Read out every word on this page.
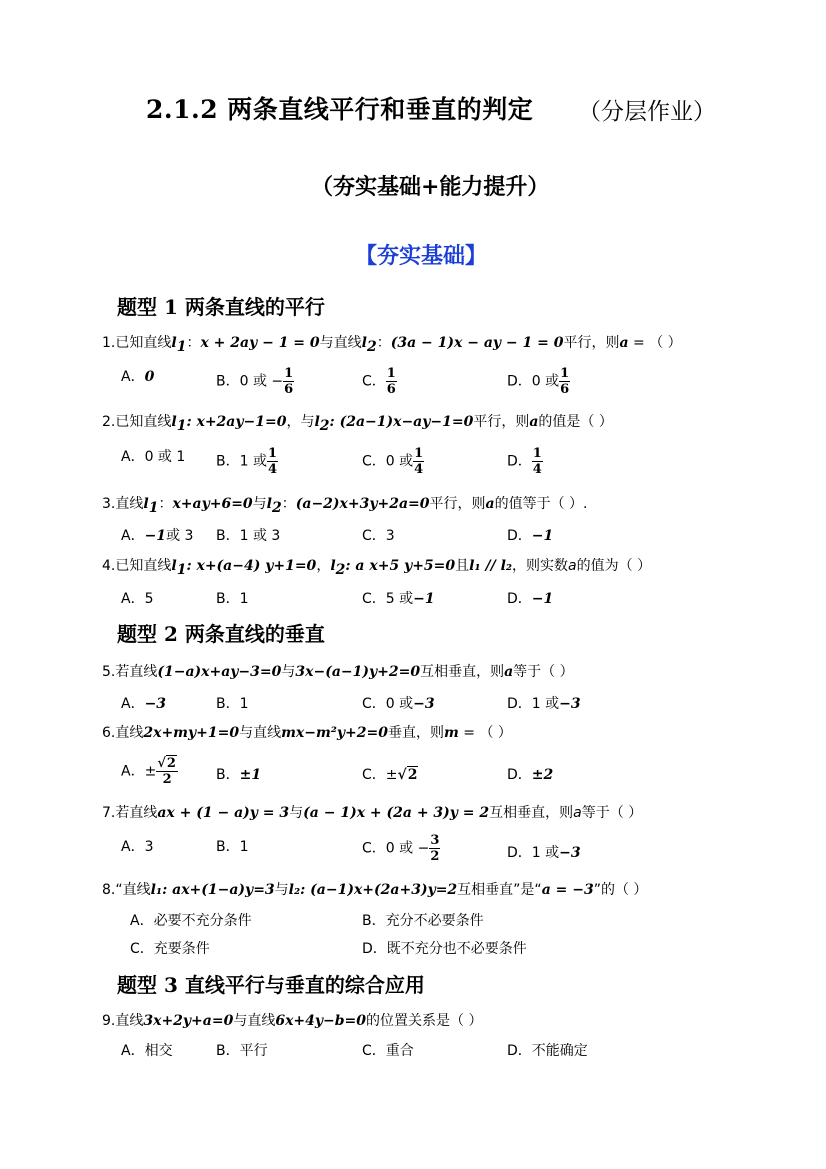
2.1.2 两条直线平行和垂直的判定 （分层作业）
（夯实基础+能力提升）
【夯实基础】
题型 1 两条直线的平行
1.已知直线$l_1$：x + 2ay − 1 = 0与直线$l_2$：(3a − 1)x − ay − 1 = 0平行，则a = （ ）
A．0	B．0 或 − $\frac{1}{6}$	C． $\frac{1}{6}$	D．0 或 $\frac{1}{6}$
2.已知直线$l_1$: x+2ay−1=0，与$l_2$: (2a−1)x−ay−1=0平行，则a的值是（ ）
A．0 或 1 B．1 或 $\frac{1}{4}$	C．0 或 $\frac{1}{4}$	D． $\frac{1}{4}$
3.直线$l_1$：x+ay+6=0与$l_2$：(a−2)x+3y+2a=0平行，则a的值等于（ ）.
A．−1或 3 B．1 或 3	C．3	D．−1
4.已知直线$l_1$: x+(a−4) y+1=0，$l_2$: a x+5 y+5=0且l₁ // l₂，则实数a的值为（ ）
A．5	B．1	C．5 或−1	D．−1
题型 2 两条直线的垂直
5.若直线(1−a)x+ay−3=0与3x−(a−1)y+2=0互相垂直，则a等于（ ）
A．−3	B．1	C．0 或−3	D．1 或−3
6.直线2x+my+1=0与直线mx−m²y+2=0垂直，则m = （ ）
A．± $\frac{√2}{2}$	B．±1	C．±√2	D．±2
7.若直线ax + (1 − a)y = 3与(a − 1)x + (2a + 3)y = 2互相垂直，则a等于（ ）
A．3	B．1	C．0 或 − $\frac{3}{2}$	D．1 或−3
8.“直线l₁: ax+(1−a)y=3与l₂: (a−1)x+(2a+3)y=2互相垂直”是“a = −3”的（ ）
A．必要不充分条件	B．充分不必要条件
C．充要条件	D．既不充分也不必要条件
题型 3 直线平行与垂直的综合应用
9.直线3x+2y+a=0与直线6x+4y−b=0的位置关系是（ ）
A．相交	B．平行	C．重合	D．不能确定
